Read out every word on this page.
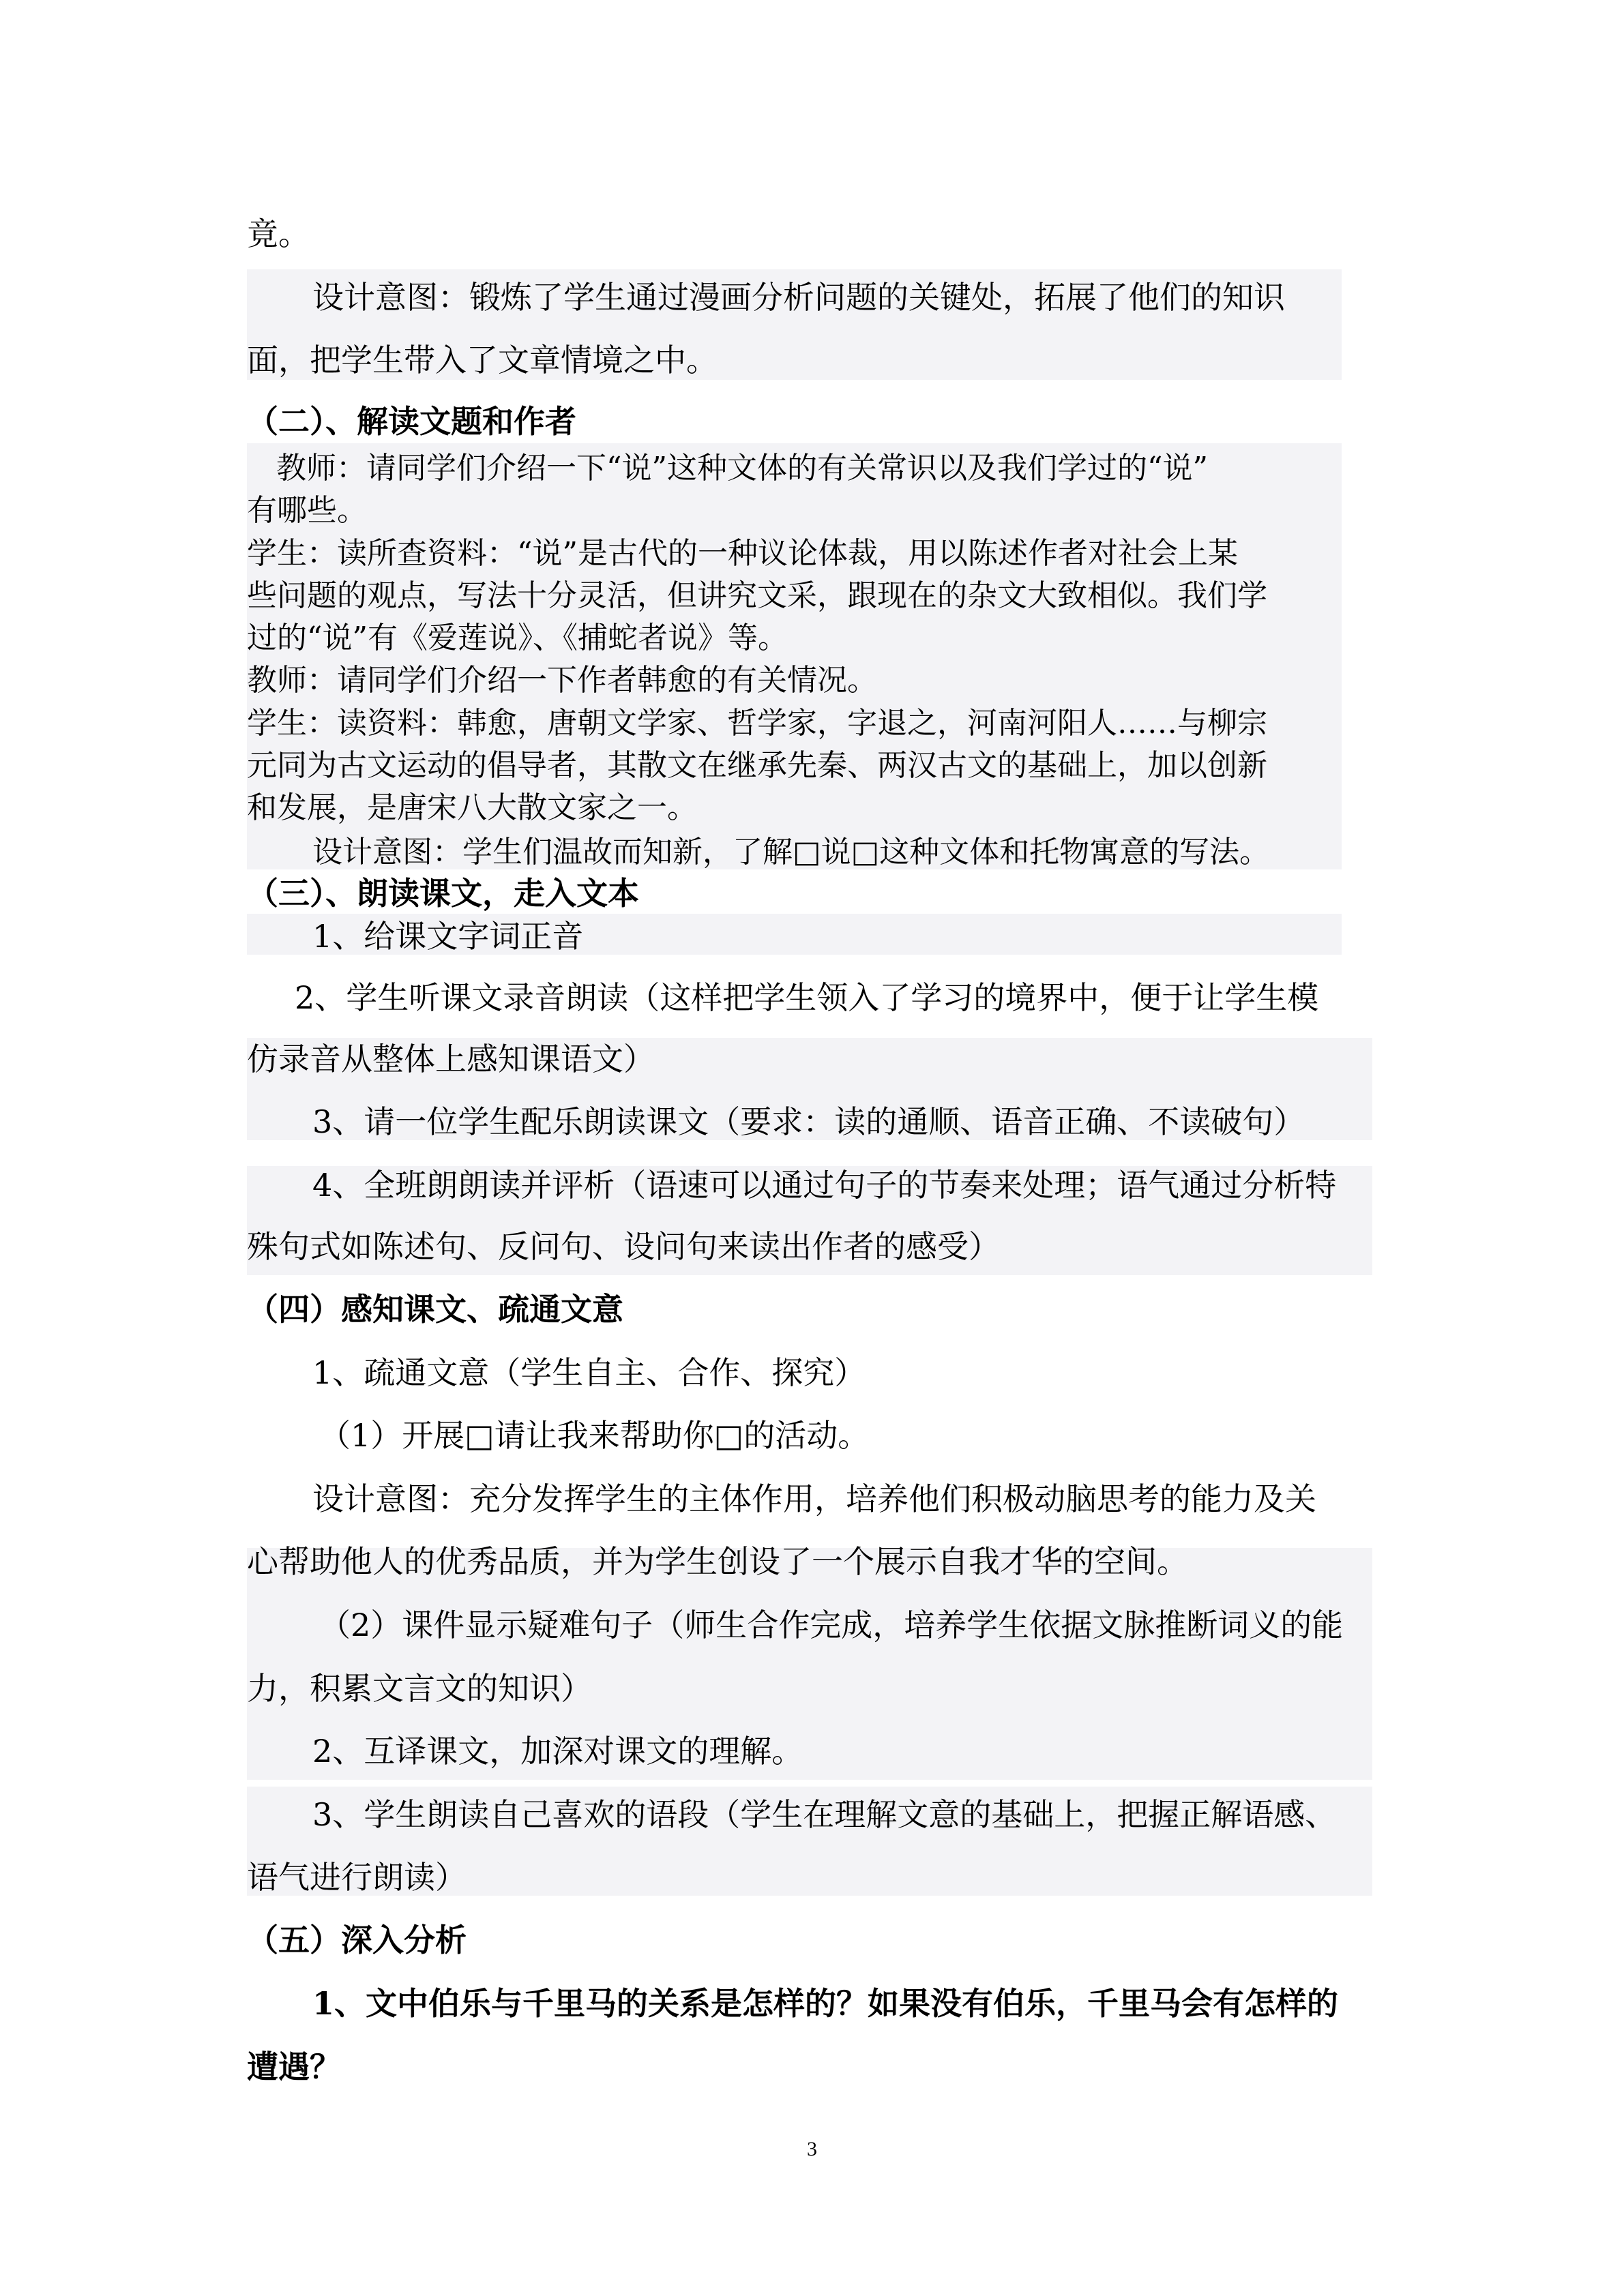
竟。
设计意图：锻炼了学生通过漫画分析问题的关键处，拓展了他们的知识
面，把学生带入了文章情境之中。
（二）、解读文题和作者
教师：请同学们介绍一下“说”这种文体的有关常识以及我们学过的“说”
有哪些。
学生：读所查资料：“说”是古代的一种议论体裁，用以陈述作者对社会上某
些问题的观点，写法十分灵活，但讲究文采，跟现在的杂文大致相似。我们学
过的“说”有《爱莲说》、《捕蛇者说》等。
教师：请同学们介绍一下作者韩愈的有关情况。
学生：读资料：韩愈，唐朝文学家、哲学家，字退之，河南河阳人……与柳宗
元同为古文运动的倡导者，其散文在继承先秦、两汉古文的基础上，加以创新
和发展，是唐宋八大散文家之一。
设计意图：学生们温故而知新，了解□说□这种文体和托物寓意的写法。
（三）、朗读课文，走入文本
1、给课文字词正音
2、学生听课文录音朗读（这样把学生领入了学习的境界中，便于让学生模
仿录音从整体上感知课语文）
3、请一位学生配乐朗读课文（要求：读的通顺、语音正确、不读破句）
4、全班朗朗读并评析（语速可以通过句子的节奏来处理；语气通过分析特
殊句式如陈述句、反问句、设问句来读出作者的感受）
（四）感知课文、疏通文意
1、疏通文意（学生自主、合作、探究）
（1）开展□请让我来帮助你□的活动。
设计意图：充分发挥学生的主体作用，培养他们积极动脑思考的能力及关
心帮助他人的优秀品质，并为学生创设了一个展示自我才华的空间。
（2）课件显示疑难句子（师生合作完成，培养学生依据文脉推断词义的能
力，积累文言文的知识）
2、互译课文，加深对课文的理解。
3、学生朗读自己喜欢的语段（学生在理解文意的基础上，把握正解语感、
语气进行朗读）
（五）深入分析
1、文中伯乐与千里马的关系是怎样的？如果没有伯乐，千里马会有怎样的
遭遇？
3
